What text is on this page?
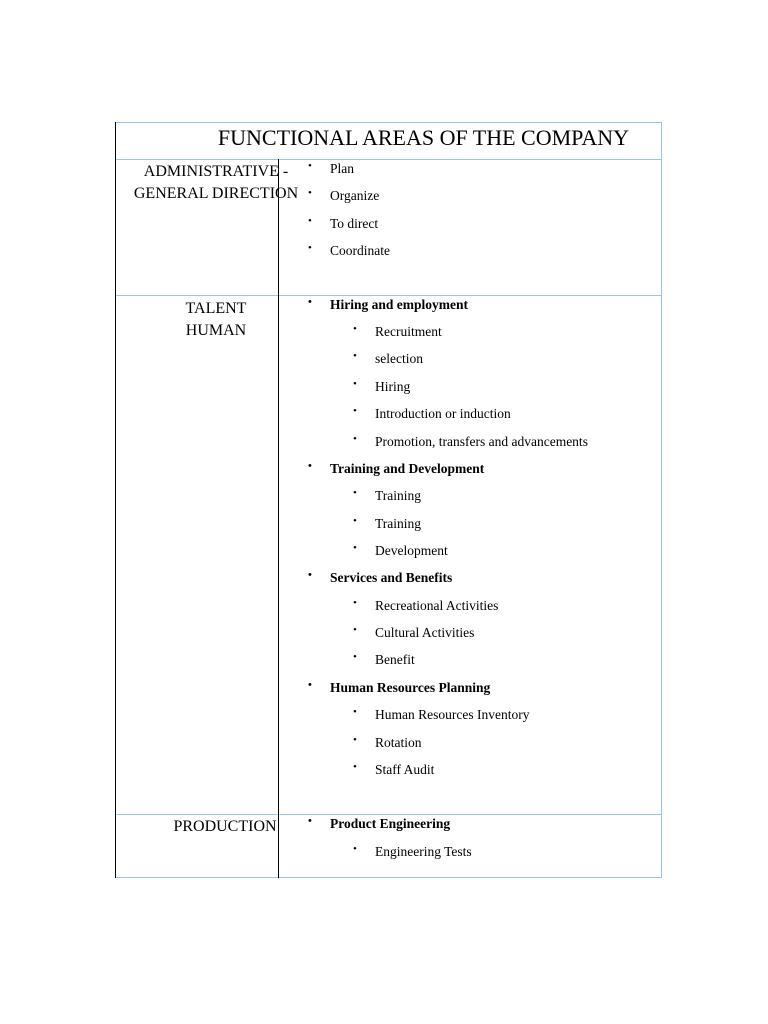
FUNCTIONAL AREAS OF THE COMPANY
ADMINISTRATIVE -
GENERAL DIRECTION
TALENT
HUMAN
PRODUCTION
• Plan
• Organize
• To direct
• Coordinate
• Hiring and employment
• Recruitment
• selection
• Hiring
• Introduction or induction
• Promotion, transfers and advancements
• Training and Development
• Training
• Training
• Development
• Services and Benefits
• Recreational Activities
• Cultural Activities
• Benefit
• Human Resources Planning
• Human Resources Inventory
• Rotation
• Staff Audit
• Product Engineering
• Engineering Tests
